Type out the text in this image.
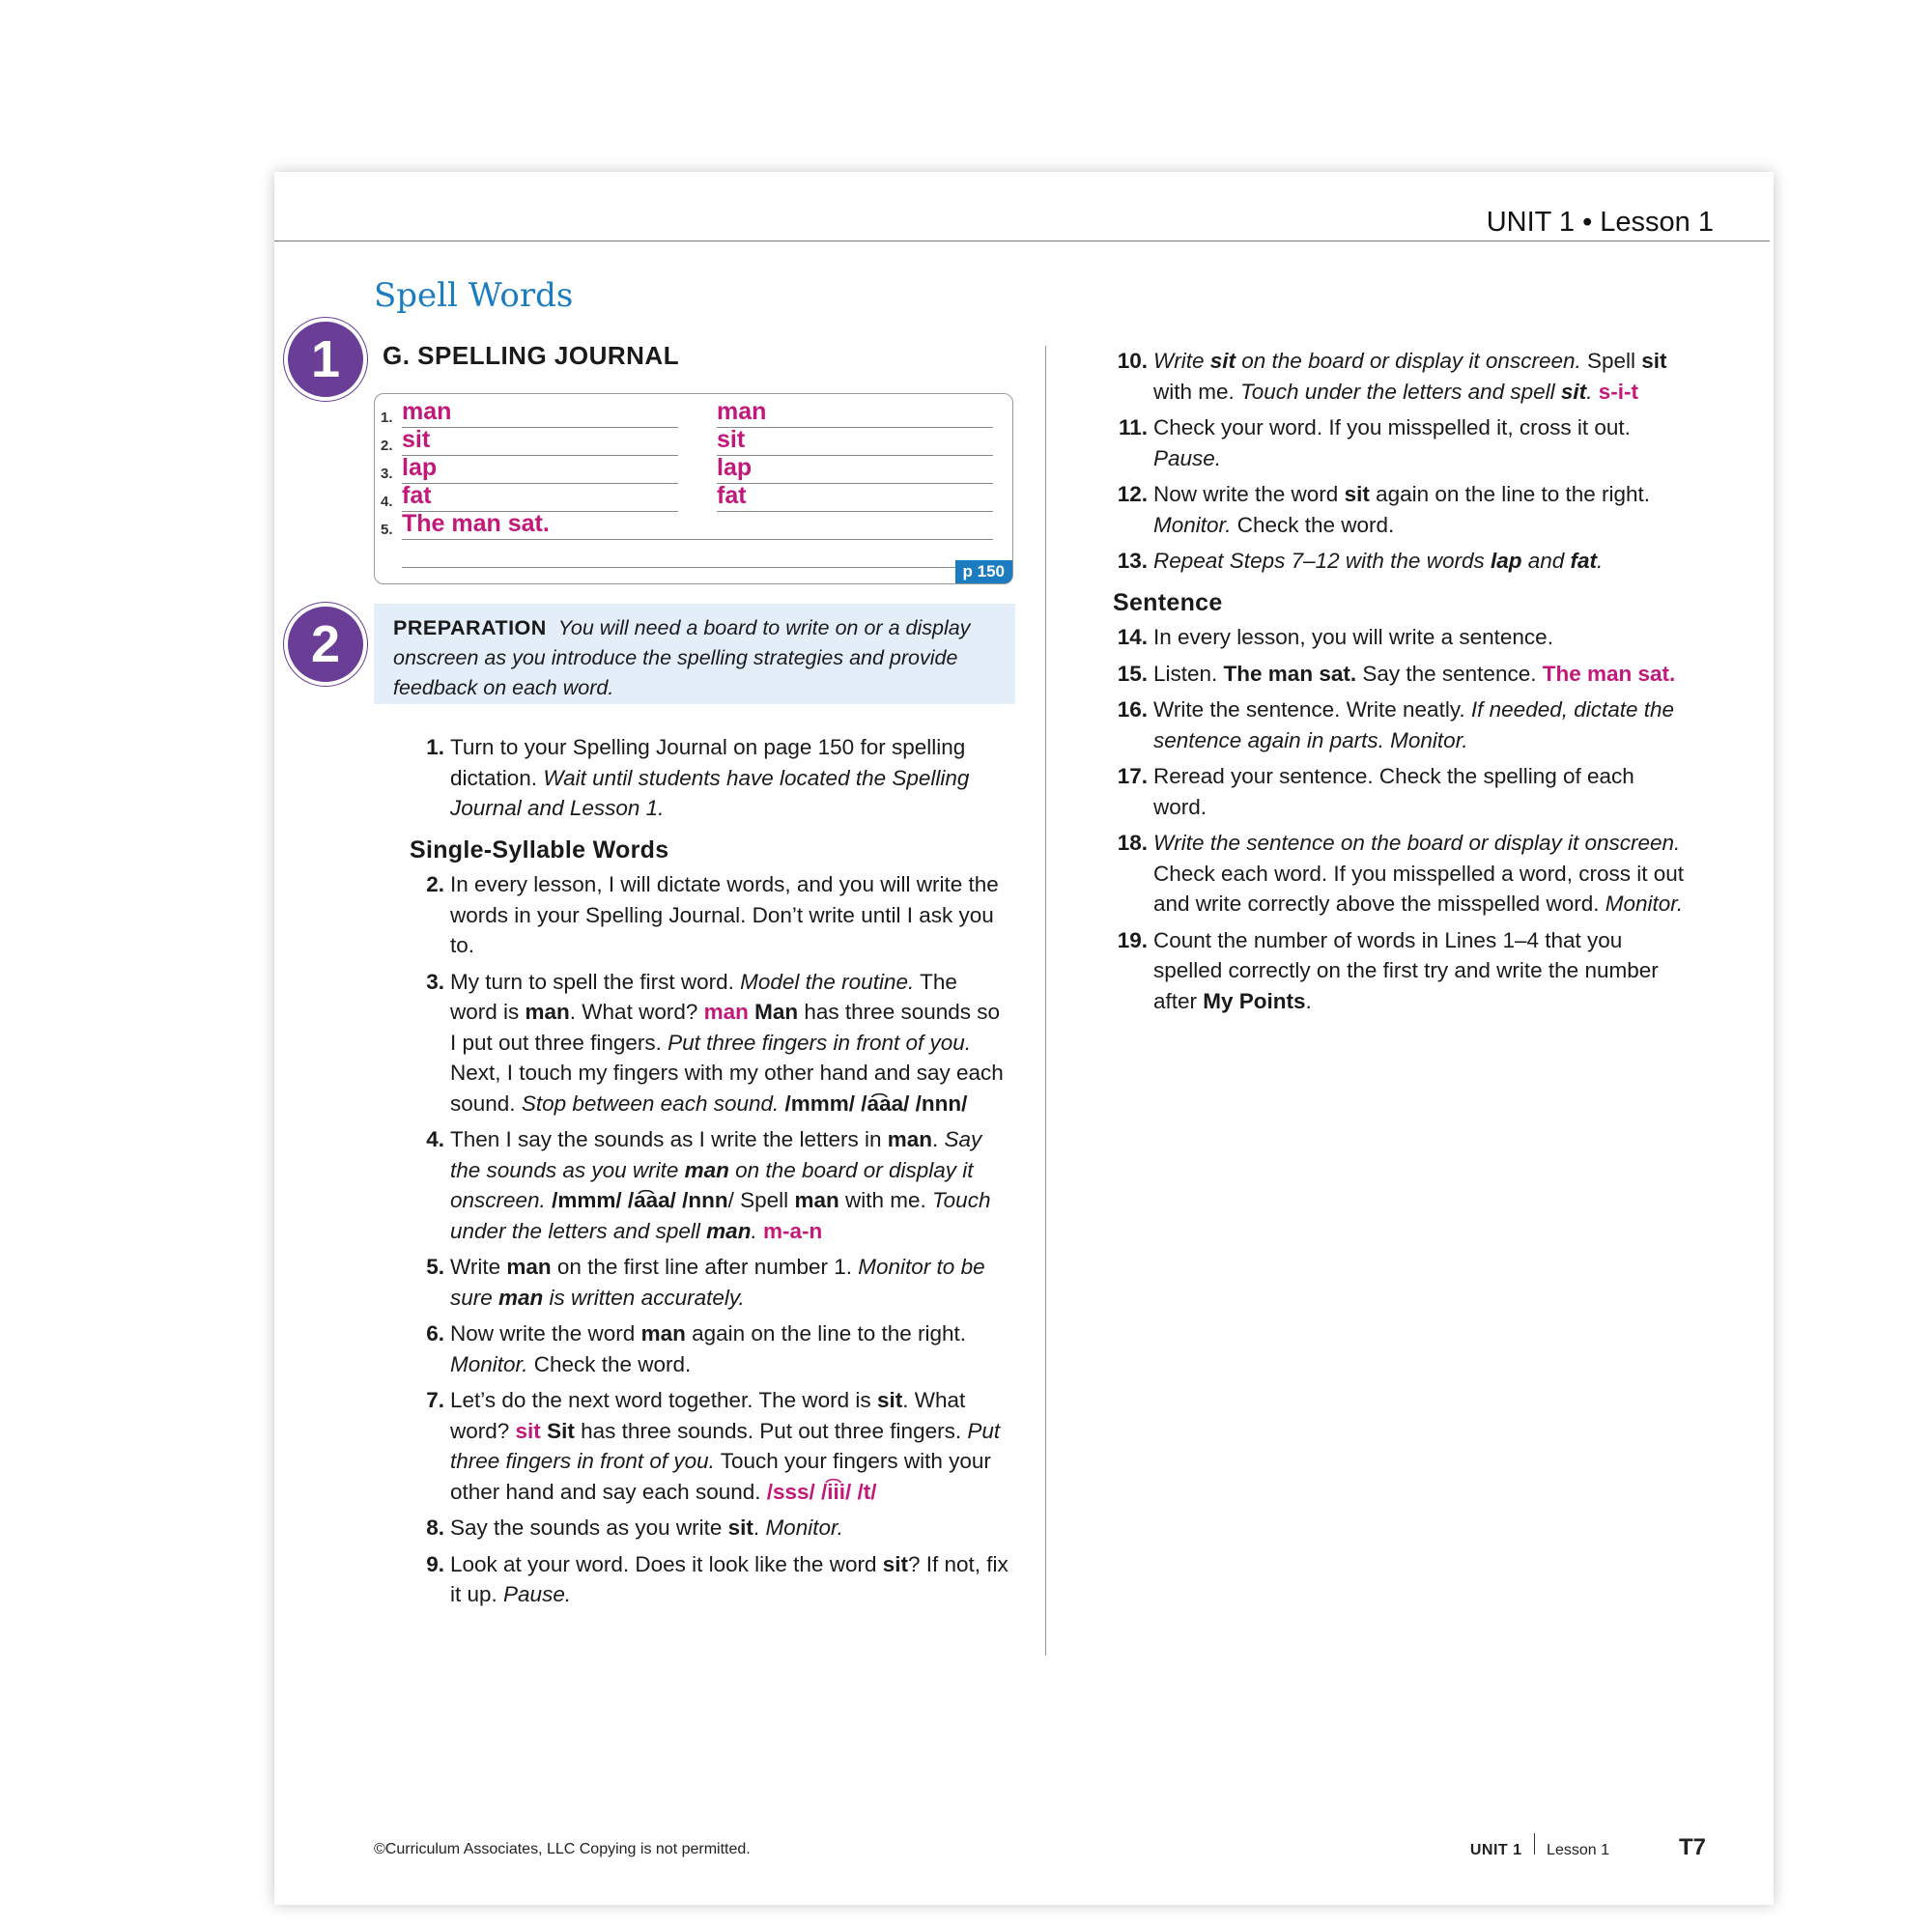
UNIT 1 • Lesson 1
Spell Words
1
2
G. SPELLING JOURNAL
1. man	man
2. sit	sit
3. lap	lap
4. fat	fat
5. The man sat.
p 150
PREPARATION You will need a board to write on or a display onscreen as you introduce the spelling strategies and provide feedback on each word.
1. Turn to your Spelling Journal on page 150 for spelling dictation. Wait until students have located the Spelling Journal and Lesson 1.
Single-Syllable Words
2. In every lesson, I will dictate words, and you will write the words in your Spelling Journal. Don’t write until I ask you to.
3. My turn to spell the first word. Model the routine. The word is man. What word? man Man has three sounds so I put out three fingers. Put three fingers in front of you. Next, I touch my fingers with my other hand and say each sound. Stop between each sound. /mmm/ /a͡aa/ /nnn/
4. Then I say the sounds as I write the letters in man. Say the sounds as you write man on the board or display it onscreen. /mmm/ /a͡aa/ /nnn/ Spell man with me. Touch under the letters and spell man. m-a-n
5. Write man on the first line after number 1. Monitor to be sure man is written accurately.
6. Now write the word man again on the line to the right. Monitor. Check the word.
7. Let’s do the next word together. The word is sit. What word? sit Sit has three sounds. Put out three fingers. Put three fingers in front of you. Touch your fingers with your other hand and say each sound. /sss/ /i͡ii/ /t/
8. Say the sounds as you write sit. Monitor.
9. Look at your word. Does it look like the word sit? If not, fix it up. Pause.
10. Write sit on the board or display it onscreen. Spell sit with me. Touch under the letters and spell sit. s-i-t
11. Check your word. If you misspelled it, cross it out. Pause.
12. Now write the word sit again on the line to the right. Monitor. Check the word.
13. Repeat Steps 7–12 with the words lap and fat.
Sentence
14. In every lesson, you will write a sentence.
15. Listen. The man sat. Say the sentence. The man sat.
16. Write the sentence. Write neatly. If needed, dictate the sentence again in parts. Monitor.
17. Reread your sentence. Check the spelling of each word.
18. Write the sentence on the board or display it onscreen. Check each word. If you misspelled a word, cross it out and write correctly above the misspelled word. Monitor.
19. Count the number of words in Lines 1–4 that you spelled correctly on the first try and write the number after My Points.
©Curriculum Associates, LLC Copying is not permitted.	UNIT 1 Lesson 1	T7
